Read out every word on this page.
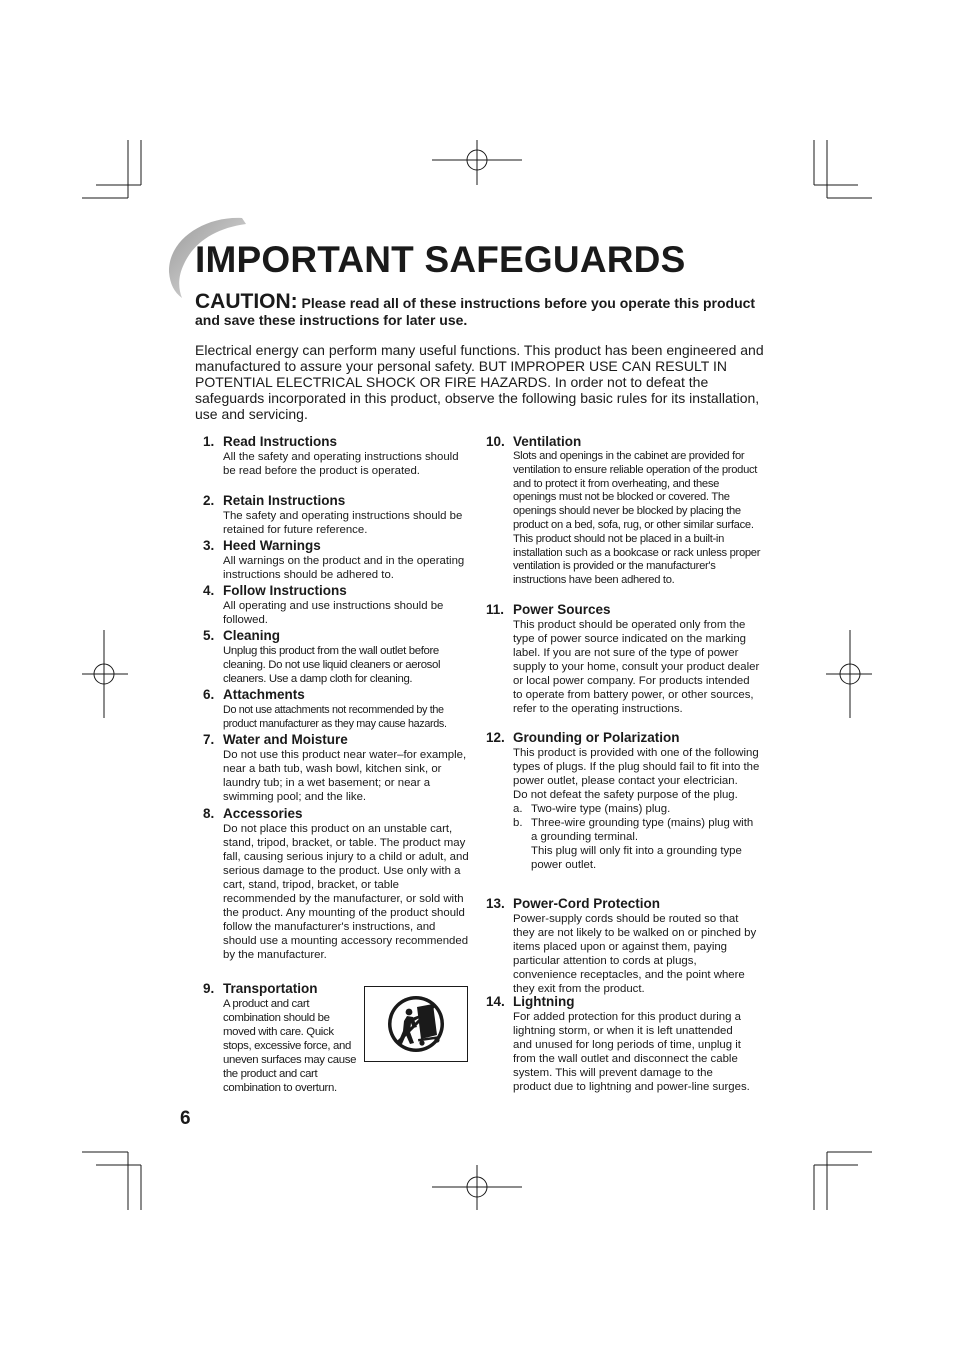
IMPORTANT SAFEGUARDS
CAUTION: Please read all of these instructions before you operate this product and save these instructions for later use.
Electrical energy can perform many useful functions. This product has been engineered and manufactured to assure your personal safety. BUT IMPROPER USE CAN RESULT IN POTENTIAL ELECTRICAL SHOCK OR FIRE HAZARDS. In order not to defeat the safeguards incorporated in this product, observe the following basic rules for its installation, use and servicing.
1. Read Instructions
All the safety and operating instructions should be read before the product is operated.
2. Retain Instructions
The safety and operating instructions should be retained for future reference.
3. Heed Warnings
All warnings on the product and in the operating instructions should be adhered to.
4. Follow Instructions
All operating and use instructions should be followed.
5. Cleaning
Unplug this product from the wall outlet before cleaning. Do not use liquid cleaners or aerosol cleaners. Use a damp cloth for cleaning.
6. Attachments
Do not use attachments not recommended by the product manufacturer as they may cause hazards.
7. Water and Moisture
Do not use this product near water–for example, near a bath tub, wash bowl, kitchen sink, or laundry tub; in a wet basement; or near a swimming pool; and the like.
8. Accessories
Do not place this product on an unstable cart, stand, tripod, bracket, or table. The product may fall, causing serious injury to a child or adult, and serious damage to the product. Use only with a cart, stand, tripod, bracket, or table recommended by the manufacturer, or sold with the product. Any mounting of the product should follow the manufacturer's instructions, and should use a mounting accessory recommended by the manufacturer.
9. Transportation
A product and cart combination should be moved with care. Quick stops, excessive force, and uneven surfaces may cause the product and cart combination to overturn.
10. Ventilation
Slots and openings in the cabinet are provided for ventilation to ensure reliable operation of the product and to protect it from overheating, and these openings must not be blocked or covered. The openings should never be blocked by placing the product on a bed, sofa, rug, or other similar surface. This product should not be placed in a built-in installation such as a bookcase or rack unless proper ventilation is provided or the manufacturer's instructions have been adhered to.
11. Power Sources
This product should be operated only from the type of power source indicated on the marking label. If you are not sure of the type of power supply to your home, consult your product dealer or local power company. For products intended to operate from battery power, or other sources, refer to the operating instructions.
12. Grounding or Polarization
This product is provided with one of the following types of plugs. If the plug should fail to fit into the power outlet, please contact your electrician.
Do not defeat the safety purpose of the plug.
a. Two-wire type (mains) plug.
b. Three-wire grounding type (mains) plug with a grounding terminal.
This plug will only fit into a grounding type power outlet.
13. Power-Cord Protection
Power-supply cords should be routed so that they are not likely to be walked on or pinched by items placed upon or against them, paying particular attention to cords at plugs, convenience receptacles, and the point where they exit from the product.
14. Lightning
For added protection for this product during a lightning storm, or when it is left unattended and unused for long periods of time, unplug it from the wall outlet and disconnect the cable system. This will prevent damage to the product due to lightning and power-line surges.
6
